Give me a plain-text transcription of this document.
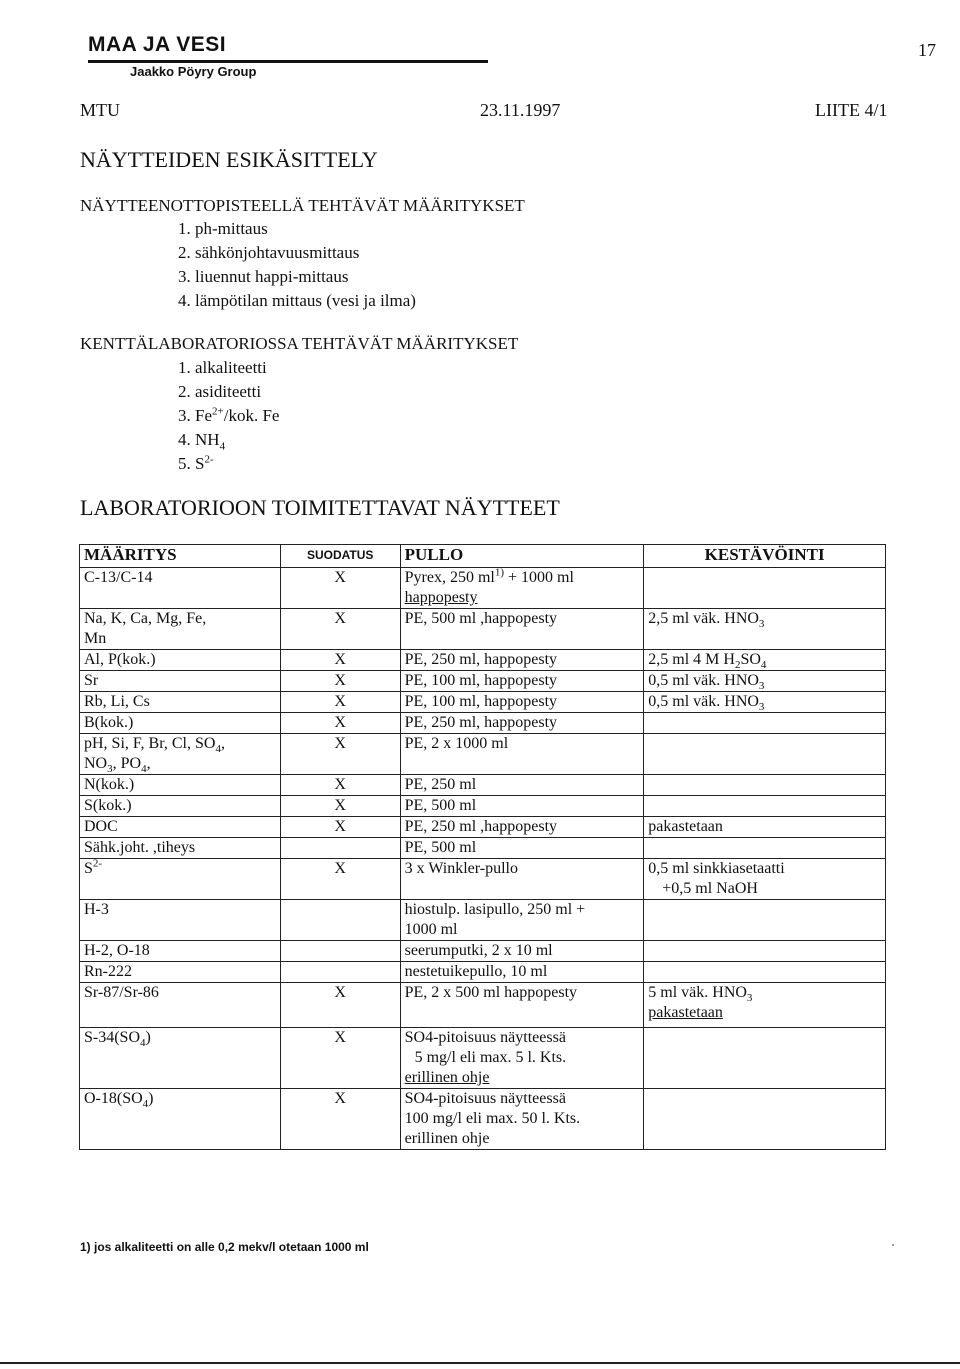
MAA JA VESI
Jaakko Pöyry Group
17
MTU	23.11.1997	LIITE 4/1
NÄYTTEIDEN ESIKÄSITTELY
NÄYTTEENOTTOPISTEELLÄ TEHTÄVÄT MÄÄRITYKSET
1. ph-mittaus
2. sähkönjohtavuusmittaus
3. liuennut happi-mittaus
4. lämpötilan mittaus (vesi ja ilma)
KENTTÄLABORATORIOSSA TEHTÄVÄT MÄÄRITYKSET
1. alkaliteetti
2. asiditeetti
3. $Fe^{2+}$/kok. Fe
4. $NH_4$
5. $S^{2-}$
LABORATORIOON TOIMITETTAVAT NÄYTTEET
MÄÄRITYS	SUODATUS	PULLO	KESTÄVÖINTI
C-13/C-14	X	Pyrex, 250 $ml^{1)} + 1000$ ml
happopesty	
Na, K, Ca, Mg, Fe,
Mn	X	PE, 500 ml ,happopesty	2,5 ml väk. $HNO_3$
Al, P(kok.)	X	PE, 250 ml, happopesty	2,5 ml 4 M $H_2SO_4$
Sr	X	PE, 100 ml, happopesty	0,5 ml väk. $HNO_3$
Rb, Li, Cs	X	PE, 100 ml, happopesty	0,5 ml väk. $HNO_3$
B(kok.)	X	PE, 250 ml, happopesty	
pH, Si, F, Br, Cl, $SO_4$,
$NO_3$, $PO_4$,	X	PE, 2 x 1000 ml	
N(kok.)	X	PE, 250 ml	
S(kok.)	X	PE, 500 ml	
DOC	X	PE, 250 ml ,happopesty	pakastetaan
Sähk.joht. ,tiheys		PE, 500 ml	
$S^{2-}$	X	3 x Winkler-pullo	0,5 ml sinkkiasetaatti
+0,5 ml NaOH
H-3		hiostulp. lasipullo, 250 ml +
1000 ml	
H-2, O-18		seerumputki, 2 x 10 ml	
Rn-222		nestetuikepullo, 10 ml	
Sr-87/Sr-86	X	PE, 2 x 500 ml happopesty	5 ml väk. $HNO_3$
pakastetaan
$S-34(SO_4)$	X	SO4-pitoisuus näytteessä
5 mg/l eli max. 5 l. Kts.
erillinen ohje	
$O-18(SO_4)$	X	SO4-pitoisuus näytteessä
100 mg/l eli max. 50 l. Kts.
erillinen ohje	
1) jos alkaliteetti on alle 0,2 mekv/l otetaan 1000 ml
